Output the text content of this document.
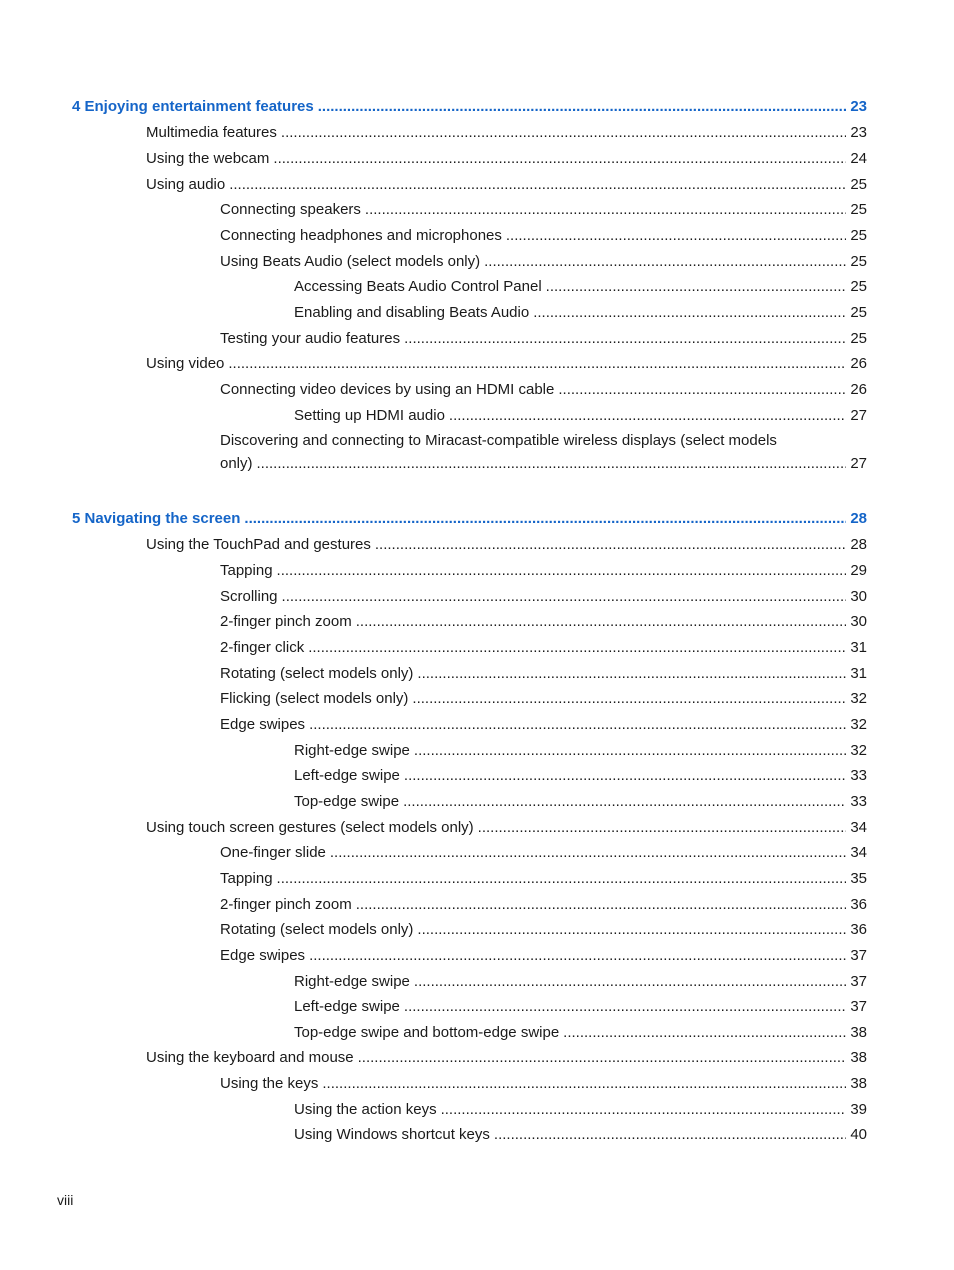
4 Enjoying entertainment features .....	23
Multimedia features .....	23
Using the webcam .....	24
Using audio .....	25
Connecting speakers .....	25
Connecting headphones and microphones .....	25
Using Beats Audio (select models only) .....	25
Accessing Beats Audio Control Panel .....	25
Enabling and disabling Beats Audio .....	25
Testing your audio features .....	25
Using video .....	26
Connecting video devices by using an HDMI cable .....	26
Setting up HDMI audio .....	27
Discovering and connecting to Miracast-compatible wireless displays (select models
only) .....	27
5 Navigating the screen .....	28
Using the TouchPad and gestures .....	28
Tapping .....	29
Scrolling .....	30
2-finger pinch zoom .....	30
2-finger click .....	31
Rotating (select models only) .....	31
Flicking (select models only) .....	32
Edge swipes .....	32
Right-edge swipe .....	32
Left-edge swipe .....	33
Top-edge swipe .....	33
Using touch screen gestures (select models only) .....	34
One-finger slide .....	34
Tapping .....	35
2-finger pinch zoom .....	36
Rotating (select models only) .....	36
Edge swipes .....	37
Right-edge swipe .....	37
Left-edge swipe .....	37
Top-edge swipe and bottom-edge swipe .....	38
Using the keyboard and mouse .....	38
Using the keys .....	38
Using the action keys .....	39
Using Windows shortcut keys .....	40
viii
